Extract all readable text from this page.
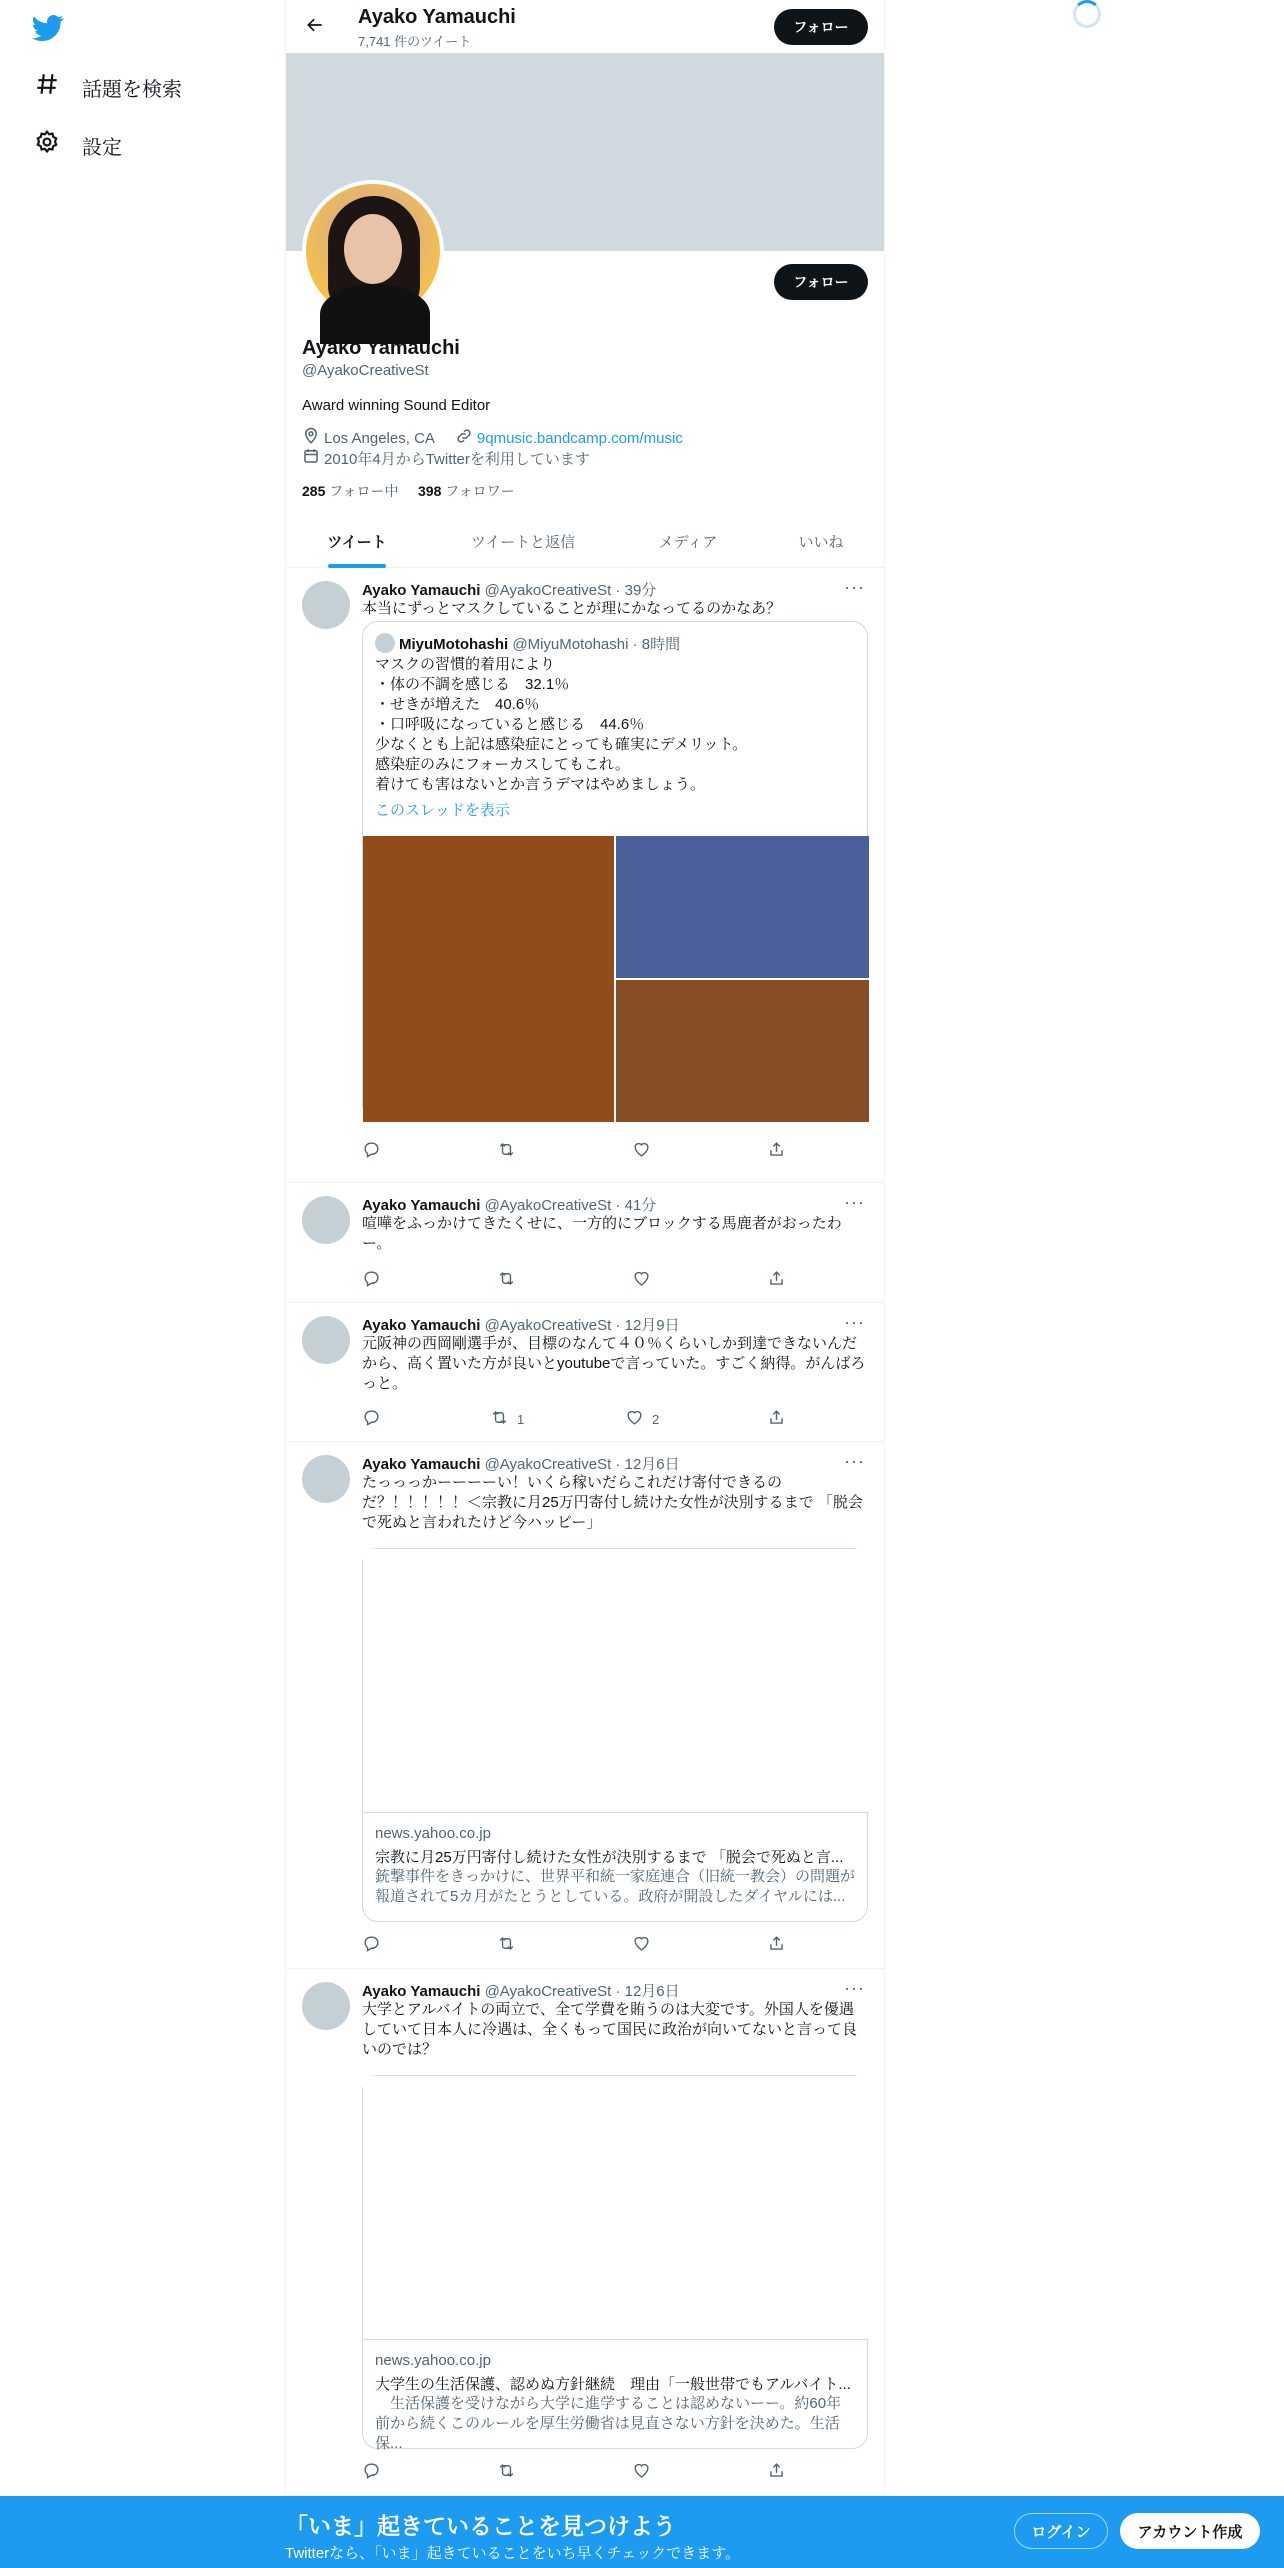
話題を検索
設定
Ayako Yamauchi
7,741 件のツイート
フォロー
フォロー
Ayako Yamauchi
@AyakoCreativeSt
Award winning Sound Editor
Los Angeles, CA	9qmusic.bandcamp.com/music
2010年4月からTwitterを利用しています
285 フォロー中 398 フォロワー
ツイート	ツイートと返信	メディア	いいね
Ayako Yamauchi @AyakoCreativeSt · 39分	···
本当にずっとマスクしていることが理にかなってるのかなあ？
MiyuMotohashi @MiyuMotohashi · 8時間
マスクの習慣的着用により
・体の不調を感じる　32.1％
・せきが増えた　40.6％
・口呼吸になっていると感じる　44.6％
少なくとも上記は感染症にとっても確実にデメリット。
感染症のみにフォーカスしてもこれ。
着けても害はないとか言うデマはやめましょう。
このスレッドを表示
Ayako Yamauchi @AyakoCreativeSt · 41分	···
喧嘩をふっかけてきたくせに、一方的にブロックする馬鹿者がおったわー。
Ayako Yamauchi @AyakoCreativeSt · 12月9日	···
元阪神の西岡剛選手が、目標のなんて４０％くらいしか到達できないんだから、高く置いた方が良いとyoutubeで言っていた。すごく納得。がんばろっと。
1	2
Ayako Yamauchi @AyakoCreativeSt · 12月6日	···
たっっっかーーーーい！いくら稼いだらこれだけ寄付できるのだ？！！！！！＜宗教に月25万円寄付し続けた女性が決別するまで 「脱会で死ぬと言われたけど今ハッピー」
news.yahoo.co.jp
宗教に月25万円寄付し続けた女性が決別するまで 「脱会で死ぬと言...
銃撃事件をきっかけに、世界平和統一家庭連合（旧統一教会）の問題が報道されて5カ月がたとうとしている。政府が開設したダイヤルには...
Ayako Yamauchi @AyakoCreativeSt · 12月6日	···
大学とアルバイトの両立で、全て学費を賄うのは大変です。外国人を優遇していて日本人に冷遇は、全くもって国民に政治が向いてないと言って良いのでは？
news.yahoo.co.jp
大学生の生活保護、認めぬ方針継続　理由「一般世帯でもアルバイト...
　生活保護を受けながら大学に進学することは認めないーー。約60年前から続くこのルールを厚生労働省は見直さない方針を決めた。生活保...
「いま」起きていることを見つけよう
Twitterなら、「いま」起きていることをいち早くチェックできます。
ログイン	アカウント作成
